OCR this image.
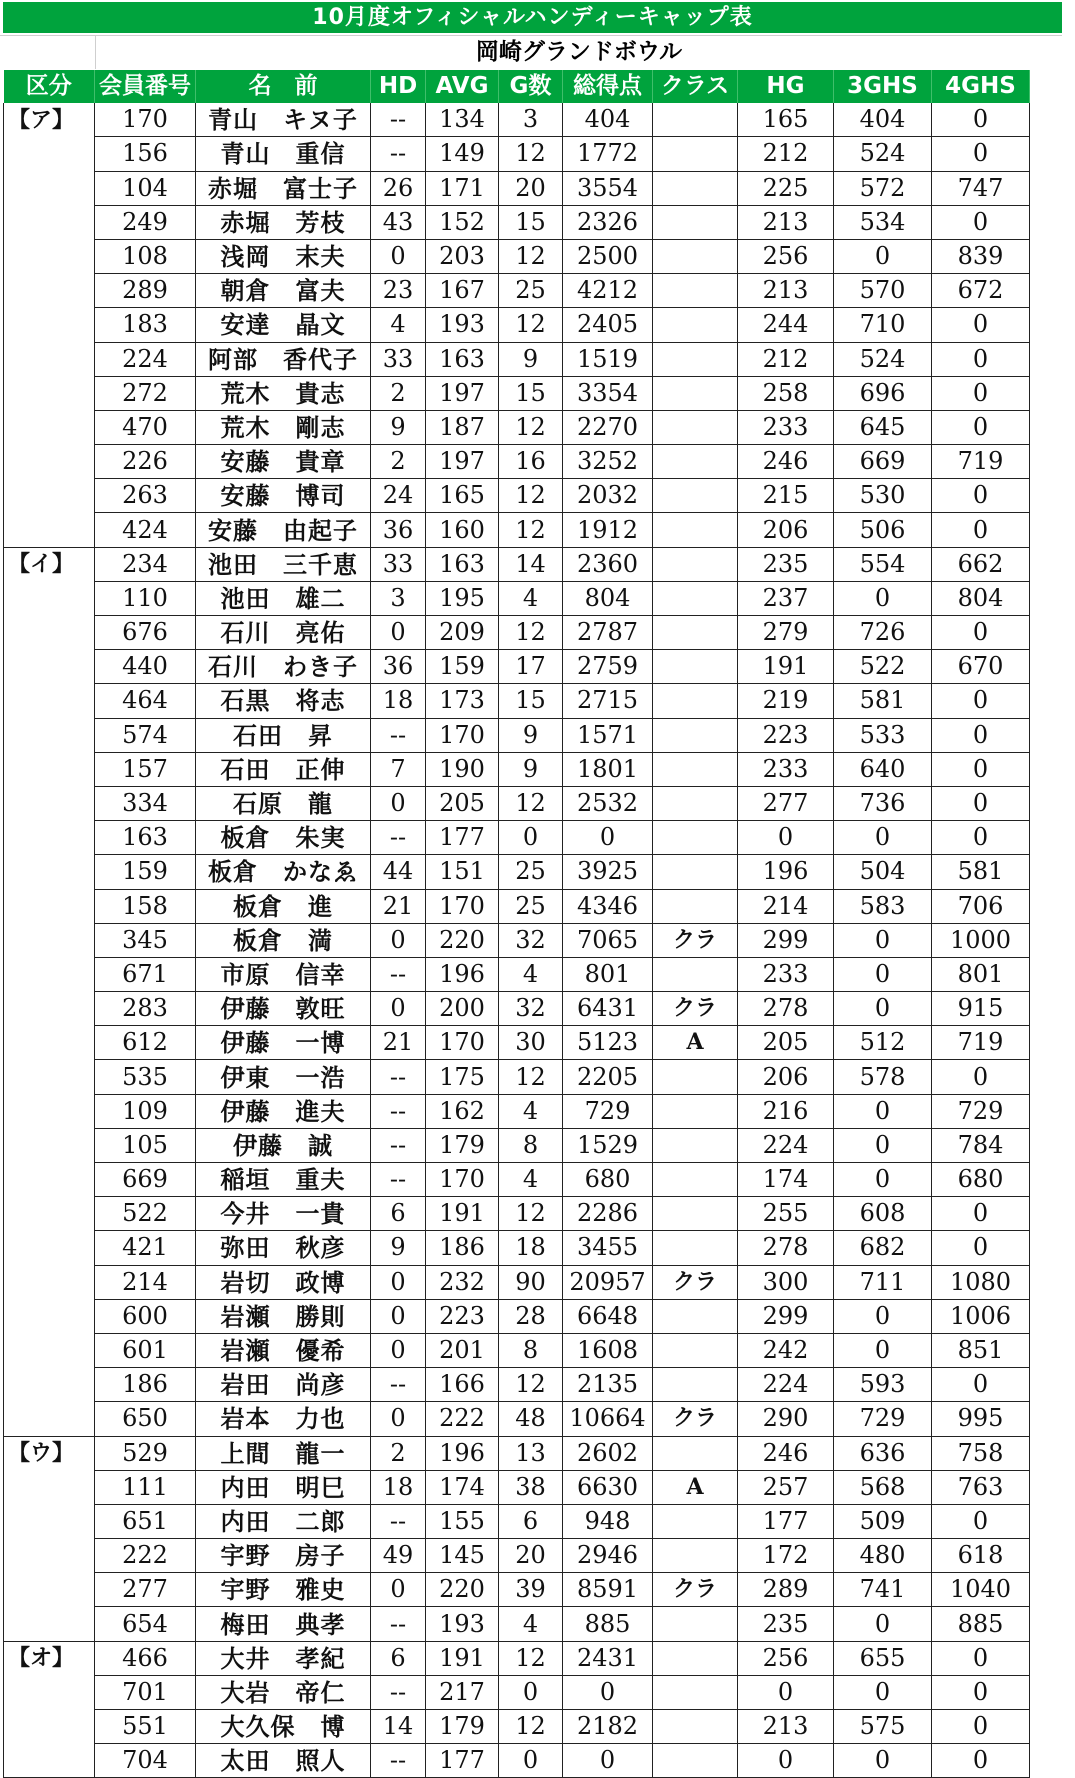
10月度オフィシャルハンディーキャップ表
岡崎グランドボウル
区分	会員番号	名　前	HD	AVG	G数	総得点	クラス	HG	3GHS	4GHS
【ア】	170	青山　キヌ子	--	134	3	404		165	404	0
	156	青山　重信	--	149	12	1772		212	524	0
	104	赤堀　富士子	26	171	20	3554		225	572	747
	249	赤堀　芳枝	43	152	15	2326		213	534	0
	108	浅岡　末夫	0	203	12	2500		256	0	839
	289	朝倉　富夫	23	167	25	4212		213	570	672
	183	安達　晶文	4	193	12	2405		244	710	0
	224	阿部　香代子	33	163	9	1519		212	524	0
	272	荒木　貴志	2	197	15	3354		258	696	0
	470	荒木　剛志	9	187	12	2270		233	645	0
	226	安藤　貴章	2	197	16	3252		246	669	719
	263	安藤　博司	24	165	12	2032		215	530	0
	424	安藤　由起子	36	160	12	1912		206	506	0
【イ】	234	池田　三千恵	33	163	14	2360		235	554	662
	110	池田　雄二	3	195	4	804		237	0	804
	676	石川　亮佑	0	209	12	2787		279	726	0
	440	石川　わき子	36	159	17	2759		191	522	670
	464	石黒　将志	18	173	15	2715		219	581	0
	574	石田　昇	--	170	9	1571		223	533	0
	157	石田　正伸	7	190	9	1801		233	640	0
	334	石原　龍	0	205	12	2532		277	736	0
	163	板倉　朱実	--	177	0	0		0	0	0
	159	板倉　かなゑ	44	151	25	3925		196	504	581
	158	板倉　進	21	170	25	4346		214	583	706
	345	板倉　満	0	220	32	7065	クラ	299	0	1000
	671	市原　信幸	--	196	4	801		233	0	801
	283	伊藤　敦旺	0	200	32	6431	クラ	278	0	915
	612	伊藤　一博	21	170	30	5123	A	205	512	719
	535	伊東　一浩	--	175	12	2205		206	578	0
	109	伊藤　進夫	--	162	4	729		216	0	729
	105	伊藤　誠	--	179	8	1529		224	0	784
	669	稲垣　重夫	--	170	4	680		174	0	680
	522	今井　一貴	6	191	12	2286		255	608	0
	421	弥田　秋彦	9	186	18	3455		278	682	0
	214	岩切　政博	0	232	90	20957	クラ	300	711	1080
	600	岩瀬　勝則	0	223	28	6648		299	0	1006
	601	岩瀬　優希	0	201	8	1608		242	0	851
	186	岩田　尚彦	--	166	12	2135		224	593	0
	650	岩本　力也	0	222	48	10664	クラ	290	729	995
【ウ】	529	上間　龍一	2	196	13	2602		246	636	758
	111	内田　明巳	18	174	38	6630	A	257	568	763
	651	内田　二郎	--	155	6	948		177	509	0
	222	宇野　房子	49	145	20	2946		172	480	618
	277	宇野　雅史	0	220	39	8591	クラ	289	741	1040
	654	梅田　典孝	--	193	4	885		235	0	885
【オ】	466	大井　孝紀	6	191	12	2431		256	655	0
	701	大岩　帝仁	--	217	0	0		0	0	0
	551	大久保　博	14	179	12	2182		213	575	0
	704	太田　照人	--	177	0	0		0	0	0
